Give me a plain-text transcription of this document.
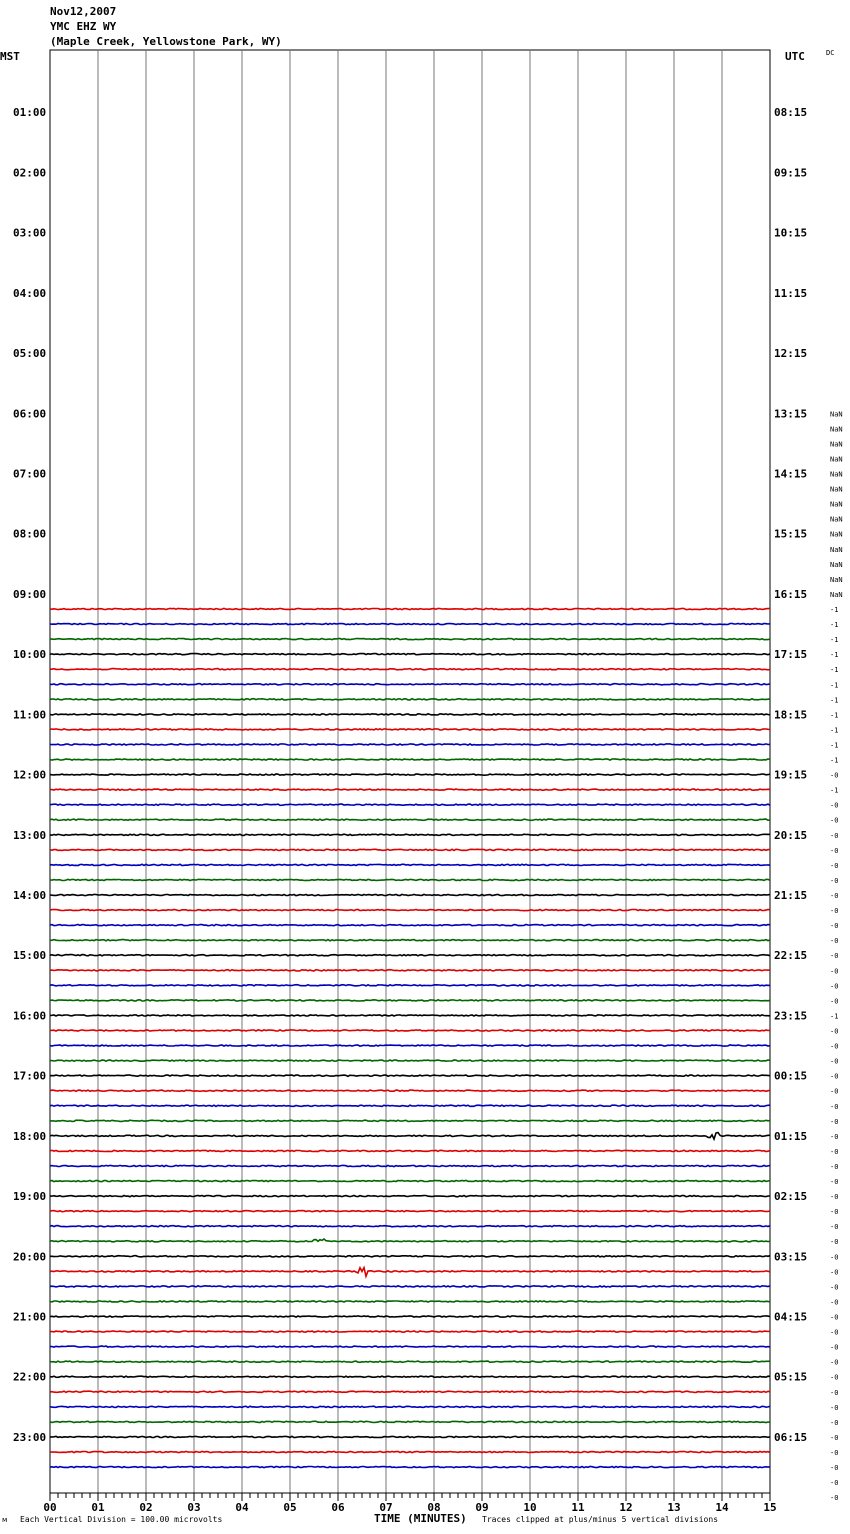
Nov12,2007
YMC EHZ WY
(Maple Creek, Yellowstone Park, WY)
MST	UTC	DC
01:00
02:00
03:00
04:00
05:00
06:00
07:00
08:00
09:00
10:00
11:00
12:00
13:00
14:00
15:00
16:00
17:00
18:00
19:00
20:00
21:00
22:00
23:00
08:15
09:15
10:15
11:15
12:15
13:15
14:15
15:15
16:15
17:15
18:15
19:15
20:15
21:15
22:15
23:15
00:15
01:15
02:15
03:15
04:15
05:15
06:15
NaN
NaN
NaN
NaN
NaN
NaN
NaN
NaN
NaN
NaN
NaN
NaN
NaN
-1
-1
-1
-1
-1
-1
-1
-1
-1
-1
-1
-0
-1
-0
-0
-0
-0
-0
-0
-0
-0
-0
-0
-0
-0
-0
-0
-1
-0
-0
-0
-0
-0
-0
-0
-0
-0
-0
-0
-0
-0
-0
-0
-0
-0
-0
-0
-0
-0
-0
-0
-0
-0
-0
-0
-0
-0
-0
-0
-0
00	01	02	03	04	05	06	07	08	09	10	11	12	13	14	15
ᴍ Each Vertical Division = 100.00 microvolts	TIME (MINUTES) Traces clipped at plus/minus 5 vertical divisions
